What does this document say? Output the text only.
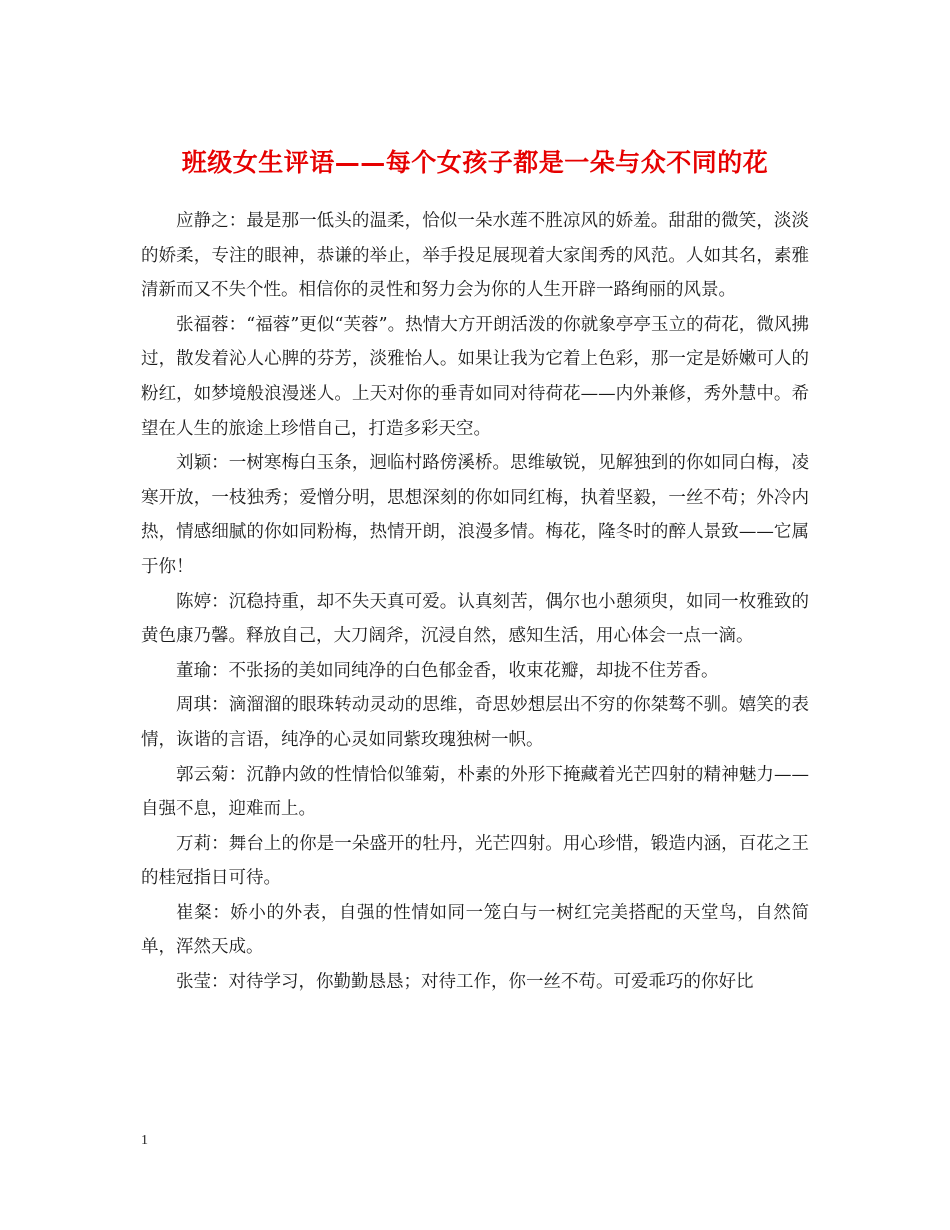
班级女生评语——每个女孩子都是一朵与众不同的花

应静之：最是那一低头的温柔，恰似一朵水莲不胜凉风的娇羞。甜甜的微笑，淡淡的娇柔，专注的眼神，恭谦的举止，举手投足展现着大家闺秀的风范。人如其名，素雅清新而又不失个性。相信你的灵性和努力会为你的人生开辟一路绚丽的风景。

张福蓉：“福蓉”更似“芙蓉”。热情大方开朗活泼的你就象亭亭玉立的荷花，微风拂过，散发着沁人心脾的芬芳，淡雅怡人。如果让我为它着上色彩，那一定是娇嫩可人的粉红，如梦境般浪漫迷人。上天对你的垂青如同对待荷花——内外兼修，秀外慧中。希望在人生的旅途上珍惜自己，打造多彩天空。

刘颖：一树寒梅白玉条，迥临村路傍溪桥。思维敏锐，见解独到的你如同白梅，凌寒开放，一枝独秀；爱憎分明，思想深刻的你如同红梅，执着坚毅，一丝不苟；外冷内热，情感细腻的你如同粉梅，热情开朗，浪漫多情。梅花，隆冬时的醉人景致——它属于你！

陈婷：沉稳持重，却不失天真可爱。认真刻苦，偶尔也小憩须臾，如同一枚雅致的黄色康乃馨。释放自己，大刀阔斧，沉浸自然，感知生活，用心体会一点一滴。

董瑜：不张扬的美如同纯净的白色郁金香，收束花瓣，却拢不住芳香。

周琪：滴溜溜的眼珠转动灵动的思维，奇思妙想层出不穷的你桀骜不驯。嬉笑的表情，诙谐的言语，纯净的心灵如同紫玫瑰独树一帜。

郭云菊：沉静内敛的性情恰似雏菊，朴素的外形下掩藏着光芒四射的精神魅力——自强不息，迎难而上。

万莉：舞台上的你是一朵盛开的牡丹，光芒四射。用心珍惜，锻造内涵，百花之王的桂冠指日可待。

崔粲：娇小的外表，自强的性情如同一笼白与一树红完美搭配的天堂鸟，自然简单，浑然天成。

张莹：对待学习，你勤勤恳恳；对待工作，你一丝不苟。可爱乖巧的你好比

1
